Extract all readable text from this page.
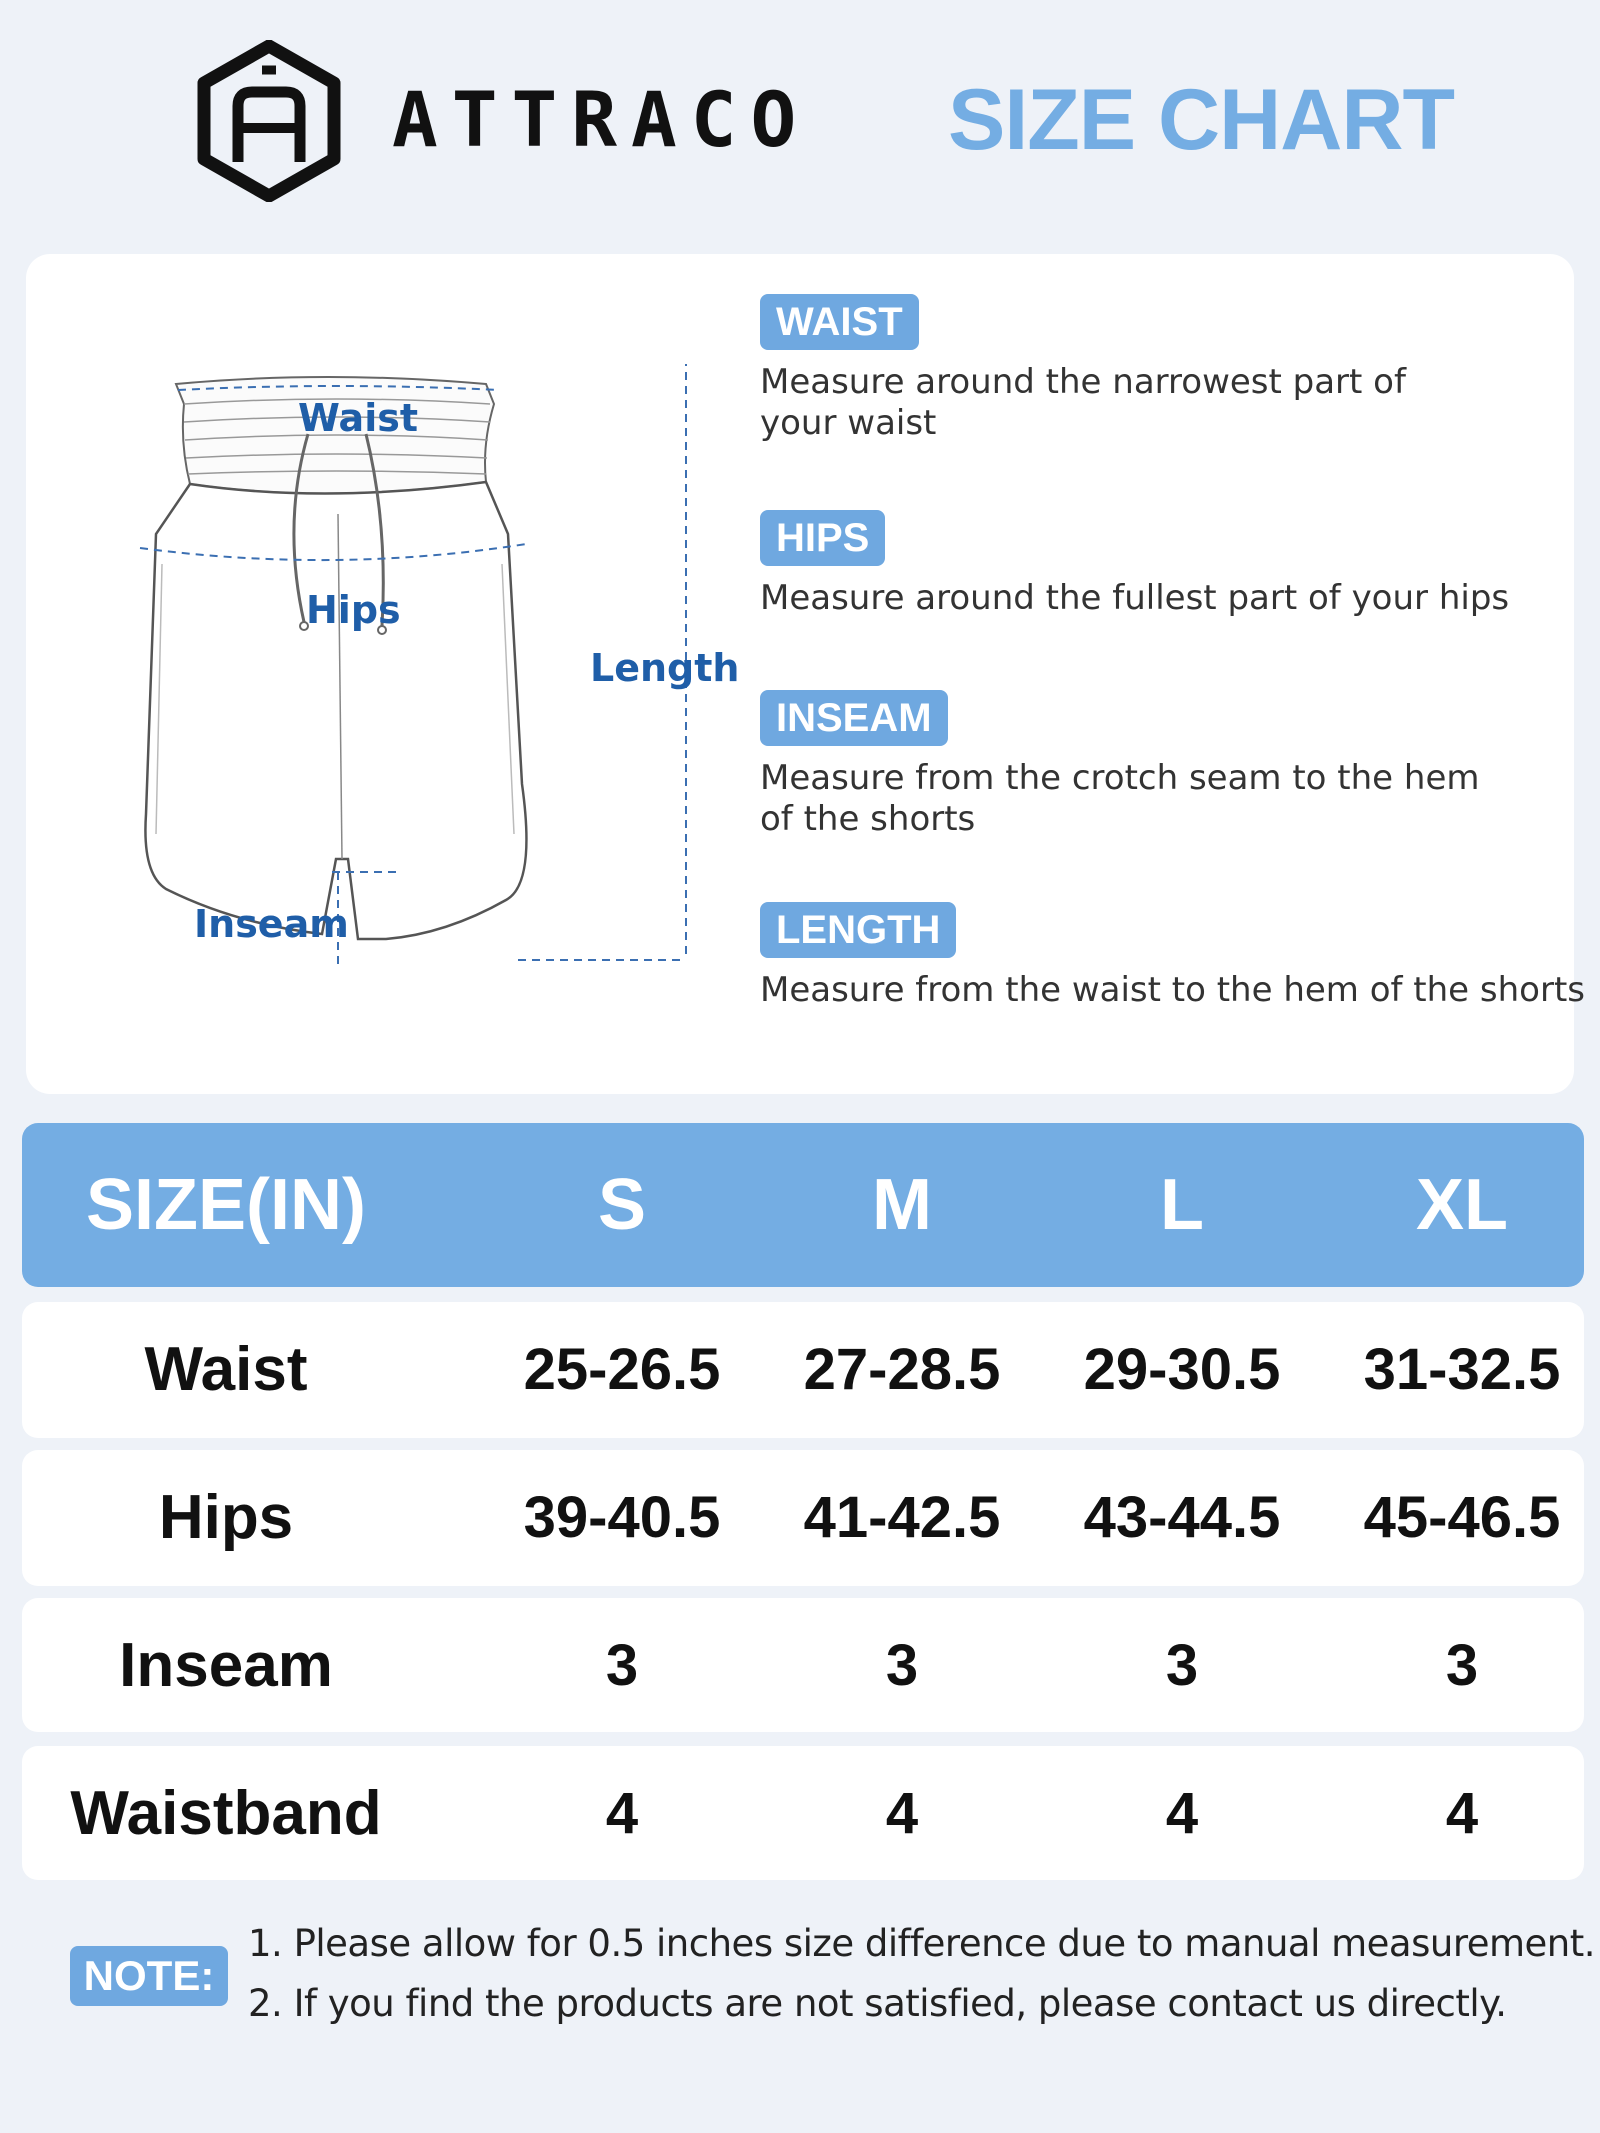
ATTRACO SIZE CHART
Waist
Hips
Length
Inseam
WAIST
Measure around the narrowest part of your waist
HIPS
Measure around the fullest part of your hips
INSEAM
Measure from the crotch seam to the hem of the shorts
LENGTH
Measure from the waist to the hem of the shorts
SIZE(IN)	S	M	L	XL
Waist	25-26.5	27-28.5	29-30.5	31-32.5
Hips	39-40.5	41-42.5	43-44.5	45-46.5
Inseam	3	3	3	3
Waistband	4	4	4	4
NOTE:
1. Please allow for 0.5 inches size difference due to manual measurement.
2. If you find the products are not satisfied, please contact us directly.
